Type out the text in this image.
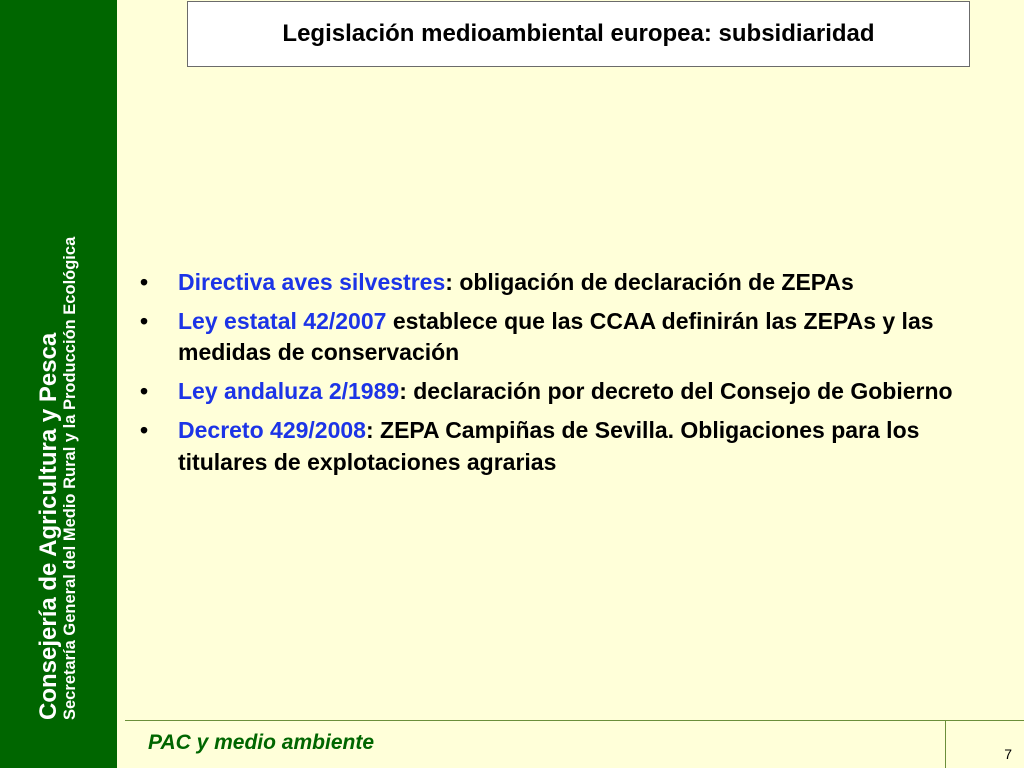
Consejería de Agricultura y Pesca
Secretaría General del Medio Rural y la Producción Ecológica
Legislación medioambiental europea: subsidiaridad
• Directiva aves silvestres: obligación de declaración de ZEPAs
• Ley estatal 42/2007 establece que las CCAA definirán las ZEPAs y las medidas de conservación
• Ley andaluza 2/1989: declaración por decreto del Consejo de Gobierno
• Decreto 429/2008: ZEPA Campiñas de Sevilla. Obligaciones para los titulares de explotaciones agrarias
PAC y medio ambiente	7
